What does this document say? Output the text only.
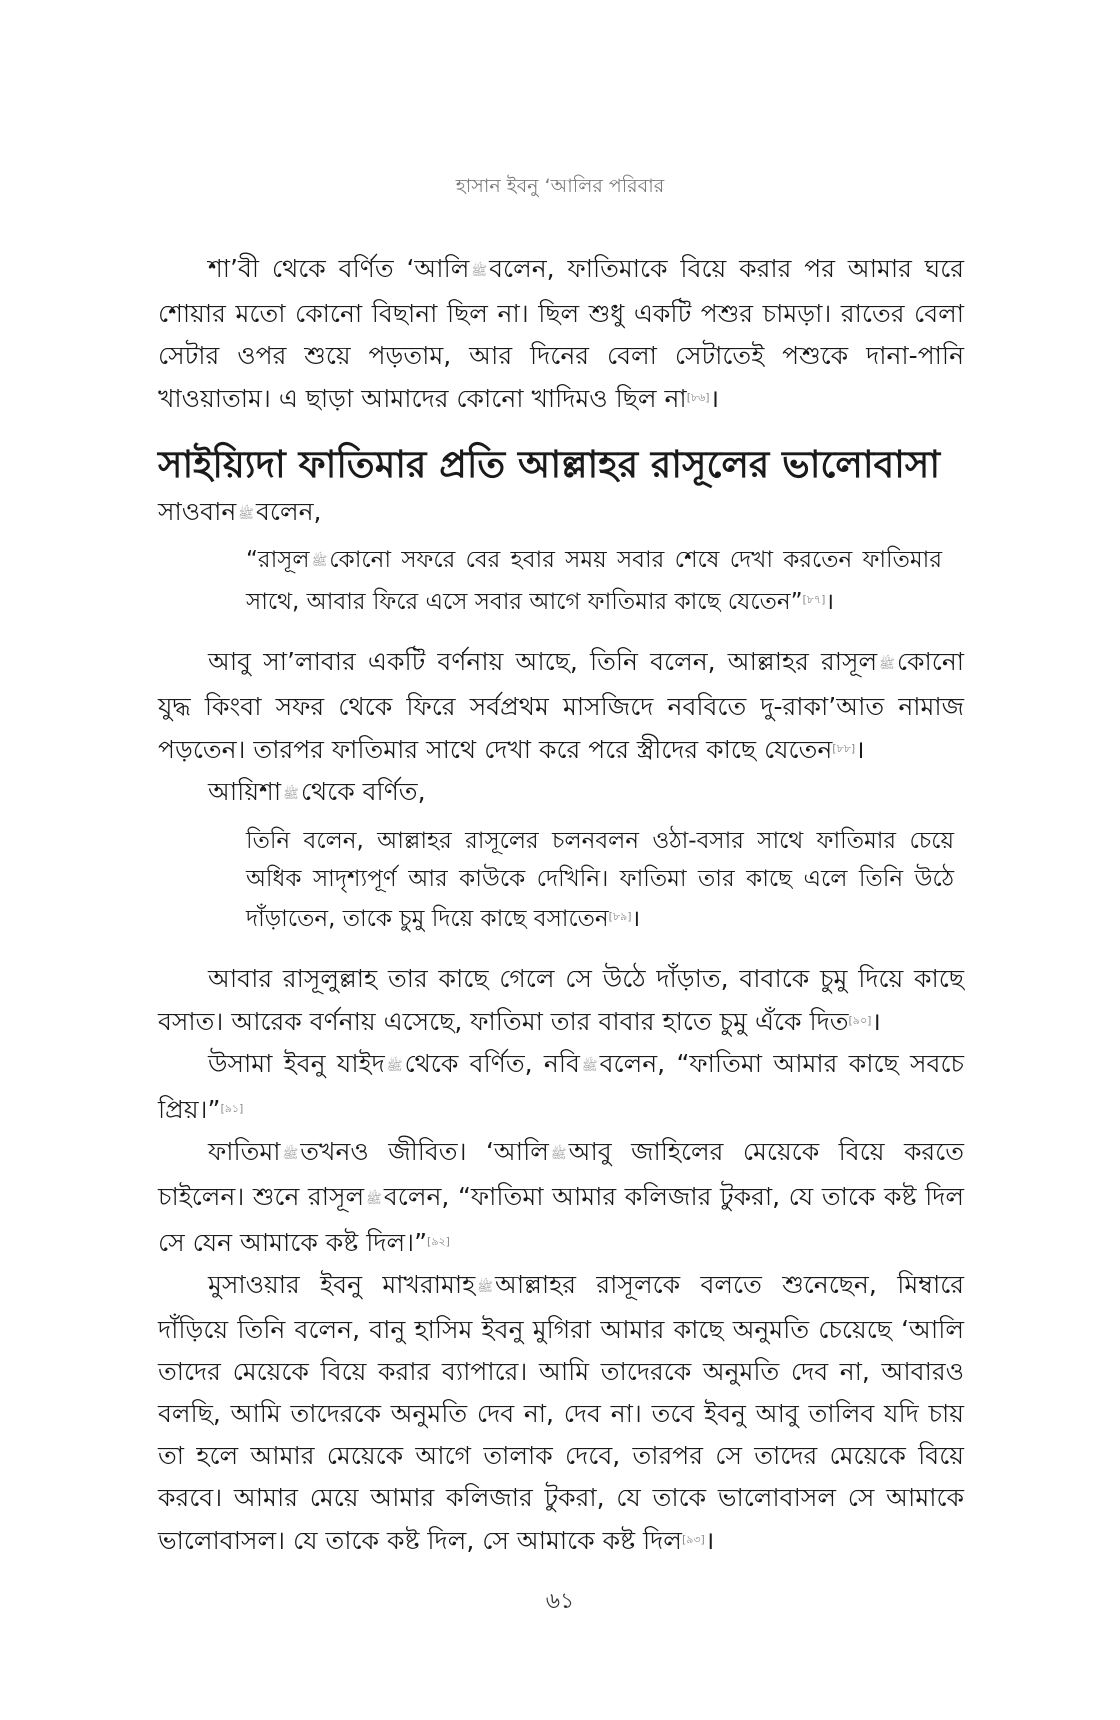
হাসান ইবনু ‘আলির পরিবার

শা’বী থেকে বর্ণিত ‘আলি ﷺবলেন, ফাতিমাকে বিয়ে করার পর আমার ঘরে শোয়ার মতো কোনো বিছানা ছিল না। ছিল শুধু একটি পশুর চামড়া। রাতের বেলা সেটার ওপর শুয়ে পড়তাম, আর দিনের বেলা সেটাতেই পশুকে দানা-পানি খাওয়াতাম। এ ছাড়া আমাদের কোনো খাদিমও ছিল না[৮৬]।

সাইয়্যিদা ফাতিমার প্রতি আল্লাহর রাসূলের ভালোবাসা

সাওবান ﷺবলেন,

“রাসূল ﷺকোনো সফরে বের হবার সময় সবার শেষে দেখা করতেন ফাতিমার সাথে, আবার ফিরে এসে সবার আগে ফাতিমার কাছে যেতেন”[৮৭]।

আবু সা’লাবার একটি বর্ণনায় আছে, তিনি বলেন, আল্লাহর রাসূল ﷺকোনো যুদ্ধ কিংবা সফর থেকে ফিরে সর্বপ্রথম মাসজিদে নববিতে দু-রাকা’আত নামাজ পড়তেন। তারপর ফাতিমার সাথে দেখা করে পরে স্ত্রীদের কাছে যেতেন[৮৮]।

আয়িশা ﷺথেকে বর্ণিত,

তিনি বলেন, আল্লাহর রাসূলের চলনবলন ওঠা-বসার সাথে ফাতিমার চেয়ে অধিক সাদৃশ্যপূর্ণ আর কাউকে দেখিনি। ফাতিমা তার কাছে এলে তিনি উঠে দাঁড়াতেন, তাকে চুমু দিয়ে কাছে বসাতেন[৮৯]।

আবার রাসূলুল্লাহ তার কাছে গেলে সে উঠে দাঁড়াত, বাবাকে চুমু দিয়ে কাছে বসাত। আরেক বর্ণনায় এসেছে, ফাতিমা তার বাবার হাতে চুমু এঁকে দিত[৯০]।

উসামা ইবনু যাইদ ﷺথেকে বর্ণিত, নবি ﷺবলেন, “ফাতিমা আমার কাছে সবচে প্রিয়।”[৯১]

ফাতিমা ﷺতখনও জীবিত। ‘আলি ﷺআবু জাহিলের মেয়েকে বিয়ে করতে চাইলেন। শুনে রাসূল ﷺবলেন, “ফাতিমা আমার কলিজার টুকরা, যে তাকে কষ্ট দিল সে যেন আমাকে কষ্ট দিল।”[৯২]

মুসাওয়ার ইবনু মাখরামাহ ﷺআল্লাহর রাসূলকে বলতে শুনেছেন, মিম্বারে দাঁড়িয়ে তিনি বলেন, বানু হাসিম ইবনু মুগিরা আমার কাছে অনুমতি চেয়েছে ‘আলি তাদের মেয়েকে বিয়ে করার ব্যাপারে। আমি তাদেরকে অনুমতি দেব না, আবারও বলছি, আমি তাদেরকে অনুমতি দেব না, দেব না। তবে ইবনু আবু তালিব যদি চায় তা হলে আমার মেয়েকে আগে তালাক দেবে, তারপর সে তাদের মেয়েকে বিয়ে করবে। আমার মেয়ে আমার কলিজার টুকরা, যে তাকে ভালোবাসল সে আমাকে ভালোবাসল। যে তাকে কষ্ট দিল, সে আমাকে কষ্ট দিল[৯৩]।

৬১
